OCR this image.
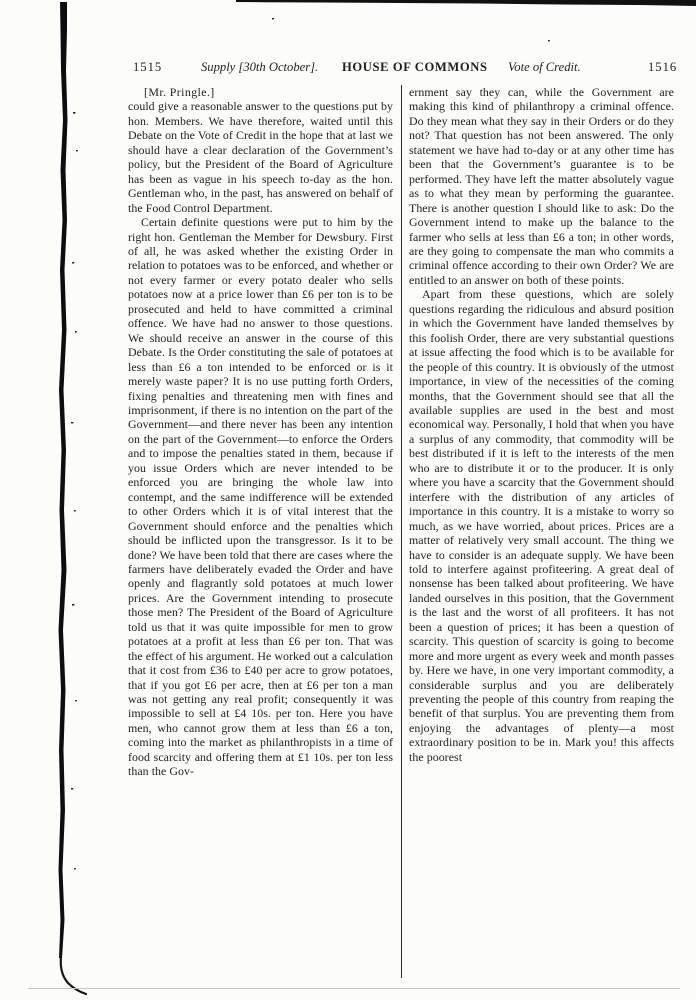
1515	Supply [30th October]. HOUSE OF COMMONS Vote of Credit.	1516

[Mr. Pringle.]

could give a reasonable answer to the questions put by hon. Members. We have therefore, waited until this Debate on the Vote of Credit in the hope that at last we should have a clear declaration of the Government’s policy, but the President of the Board of Agriculture has been as vague in his speech to-day as the hon. Gentleman who, in the past, has answered on behalf of the Food Control Department.

Certain definite questions were put to him by the right hon. Gentleman the Member for Dewsbury. First of all, he was asked whether the existing Order in relation to potatoes was to be enforced, and whether or not every farmer or every potato dealer who sells potatoes now at a price lower than £6 per ton is to be prosecuted and held to have committed a criminal offence. We have had no answer to those questions. We should receive an answer in the course of this Debate. Is the Order constituting the sale of potatoes at less than £6 a ton intended to be enforced or is it merely waste paper? It is no use putting forth Orders, fixing penalties and threatening men with fines and imprisonment, if there is no intention on the part of the Government—and there never has been any intention on the part of the Government—to enforce the Orders and to impose the penalties stated in them, because if you issue Orders which are never intended to be enforced you are bringing the whole law into contempt, and the same indifference will be extended to other Orders which it is of vital interest that the Government should enforce and the penalties which should be inflicted upon the transgressor. Is it to be done? We have been told that there are cases where the farmers have deliberately evaded the Order and have openly and flagrantly sold potatoes at much lower prices. Are the Government intending to prosecute those men? The President of the Board of Agriculture told us that it was quite impossible for men to grow potatoes at a profit at less than £6 per ton. That was the effect of his argument. He worked out a calculation that it cost from £36 to £40 per acre to grow potatoes, that if you got £6 per acre, then at £6 per ton a man was not getting any real profit; consequently it was impossible to sell at £4 10s. per ton. Here you have men, who cannot grow them at less than £6 a ton, coming into the market as philanthropists in a time of food scarcity and offering them at £1 10s. per ton less than the Gov-

ernment say they can, while the Government are making this kind of philanthropy a criminal offence. Do they mean what they say in their Orders or do they not? That question has not been answered. The only statement we have had to-day or at any other time has been that the Government’s guarantee is to be performed. They have left the matter absolutely vague as to what they mean by performing the guarantee. There is another question I should like to ask: Do the Government intend to make up the balance to the farmer who sells at less than £6 a ton; in other words, are they going to compensate the man who commits a criminal offence according to their own Order? We are entitled to an answer on both of these points.

Apart from these questions, which are solely questions regarding the ridiculous and absurd position in which the Government have landed themselves by this foolish Order, there are very substantial questions at issue affecting the food which is to be available for the people of this country. It is obviously of the utmost importance, in view of the necessities of the coming months, that the Government should see that all the available supplies are used in the best and most economical way. Personally, I hold that when you have a surplus of any commodity, that commodity will be best distributed if it is left to the interests of the men who are to distribute it or to the producer. It is only where you have a scarcity that the Government should interfere with the distribution of any articles of importance in this country. It is a mistake to worry so much, as we have worried, about prices. Prices are a matter of relatively very small account. The thing we have to consider is an adequate supply. We have been told to interfere against profiteering. A great deal of nonsense has been talked about profiteering. We have landed ourselves in this position, that the Government is the last and the worst of all profiteers. It has not been a question of prices; it has been a question of scarcity. This question of scarcity is going to become more and more urgent as every week and month passes by. Here we have, in one very important commodity, a considerable surplus and you are deliberately preventing the people of this country from reaping the benefit of that surplus. You are preventing them from enjoying the advantages of plenty—a most extraordinary position to be in. Mark you! this affects the poorest
